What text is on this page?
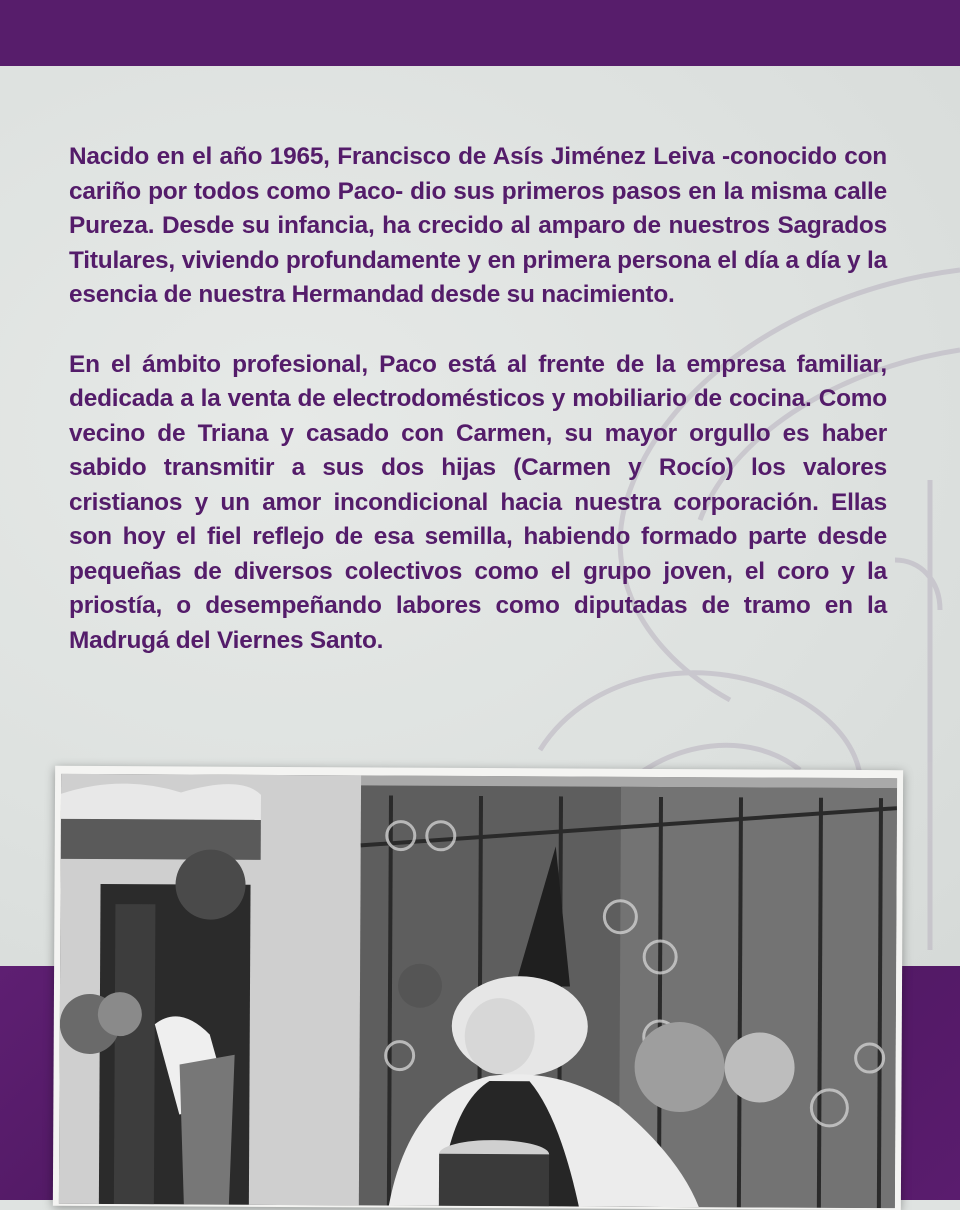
Nacido en el año 1965, Francisco de Asís Jiménez Leiva -conocido con cariño por todos como Paco- dio sus primeros pasos en la misma calle Pureza. Desde su infancia, ha crecido al amparo de nuestros Sagrados Titulares, viviendo profundamente y en primera persona el día a día y la esencia de nuestra Hermandad desde su nacimiento.

En el ámbito profesional, Paco está al frente de la empresa familiar, dedicada a la venta de electrodomésticos y mobiliario de cocina. Como vecino de Triana y casado con Carmen, su mayor orgullo es haber sabido transmitir a sus dos hijas (Carmen y Rocío) los valores cristianos y un amor incondicional hacia nuestra corporación. Ellas son hoy el fiel reflejo de esa semilla, habiendo formado parte desde pequeñas de diversos colectivos como el grupo joven, el coro y la priostía, o desempeñando labores como diputadas de tramo en la Madrugá del Viernes Santo.
